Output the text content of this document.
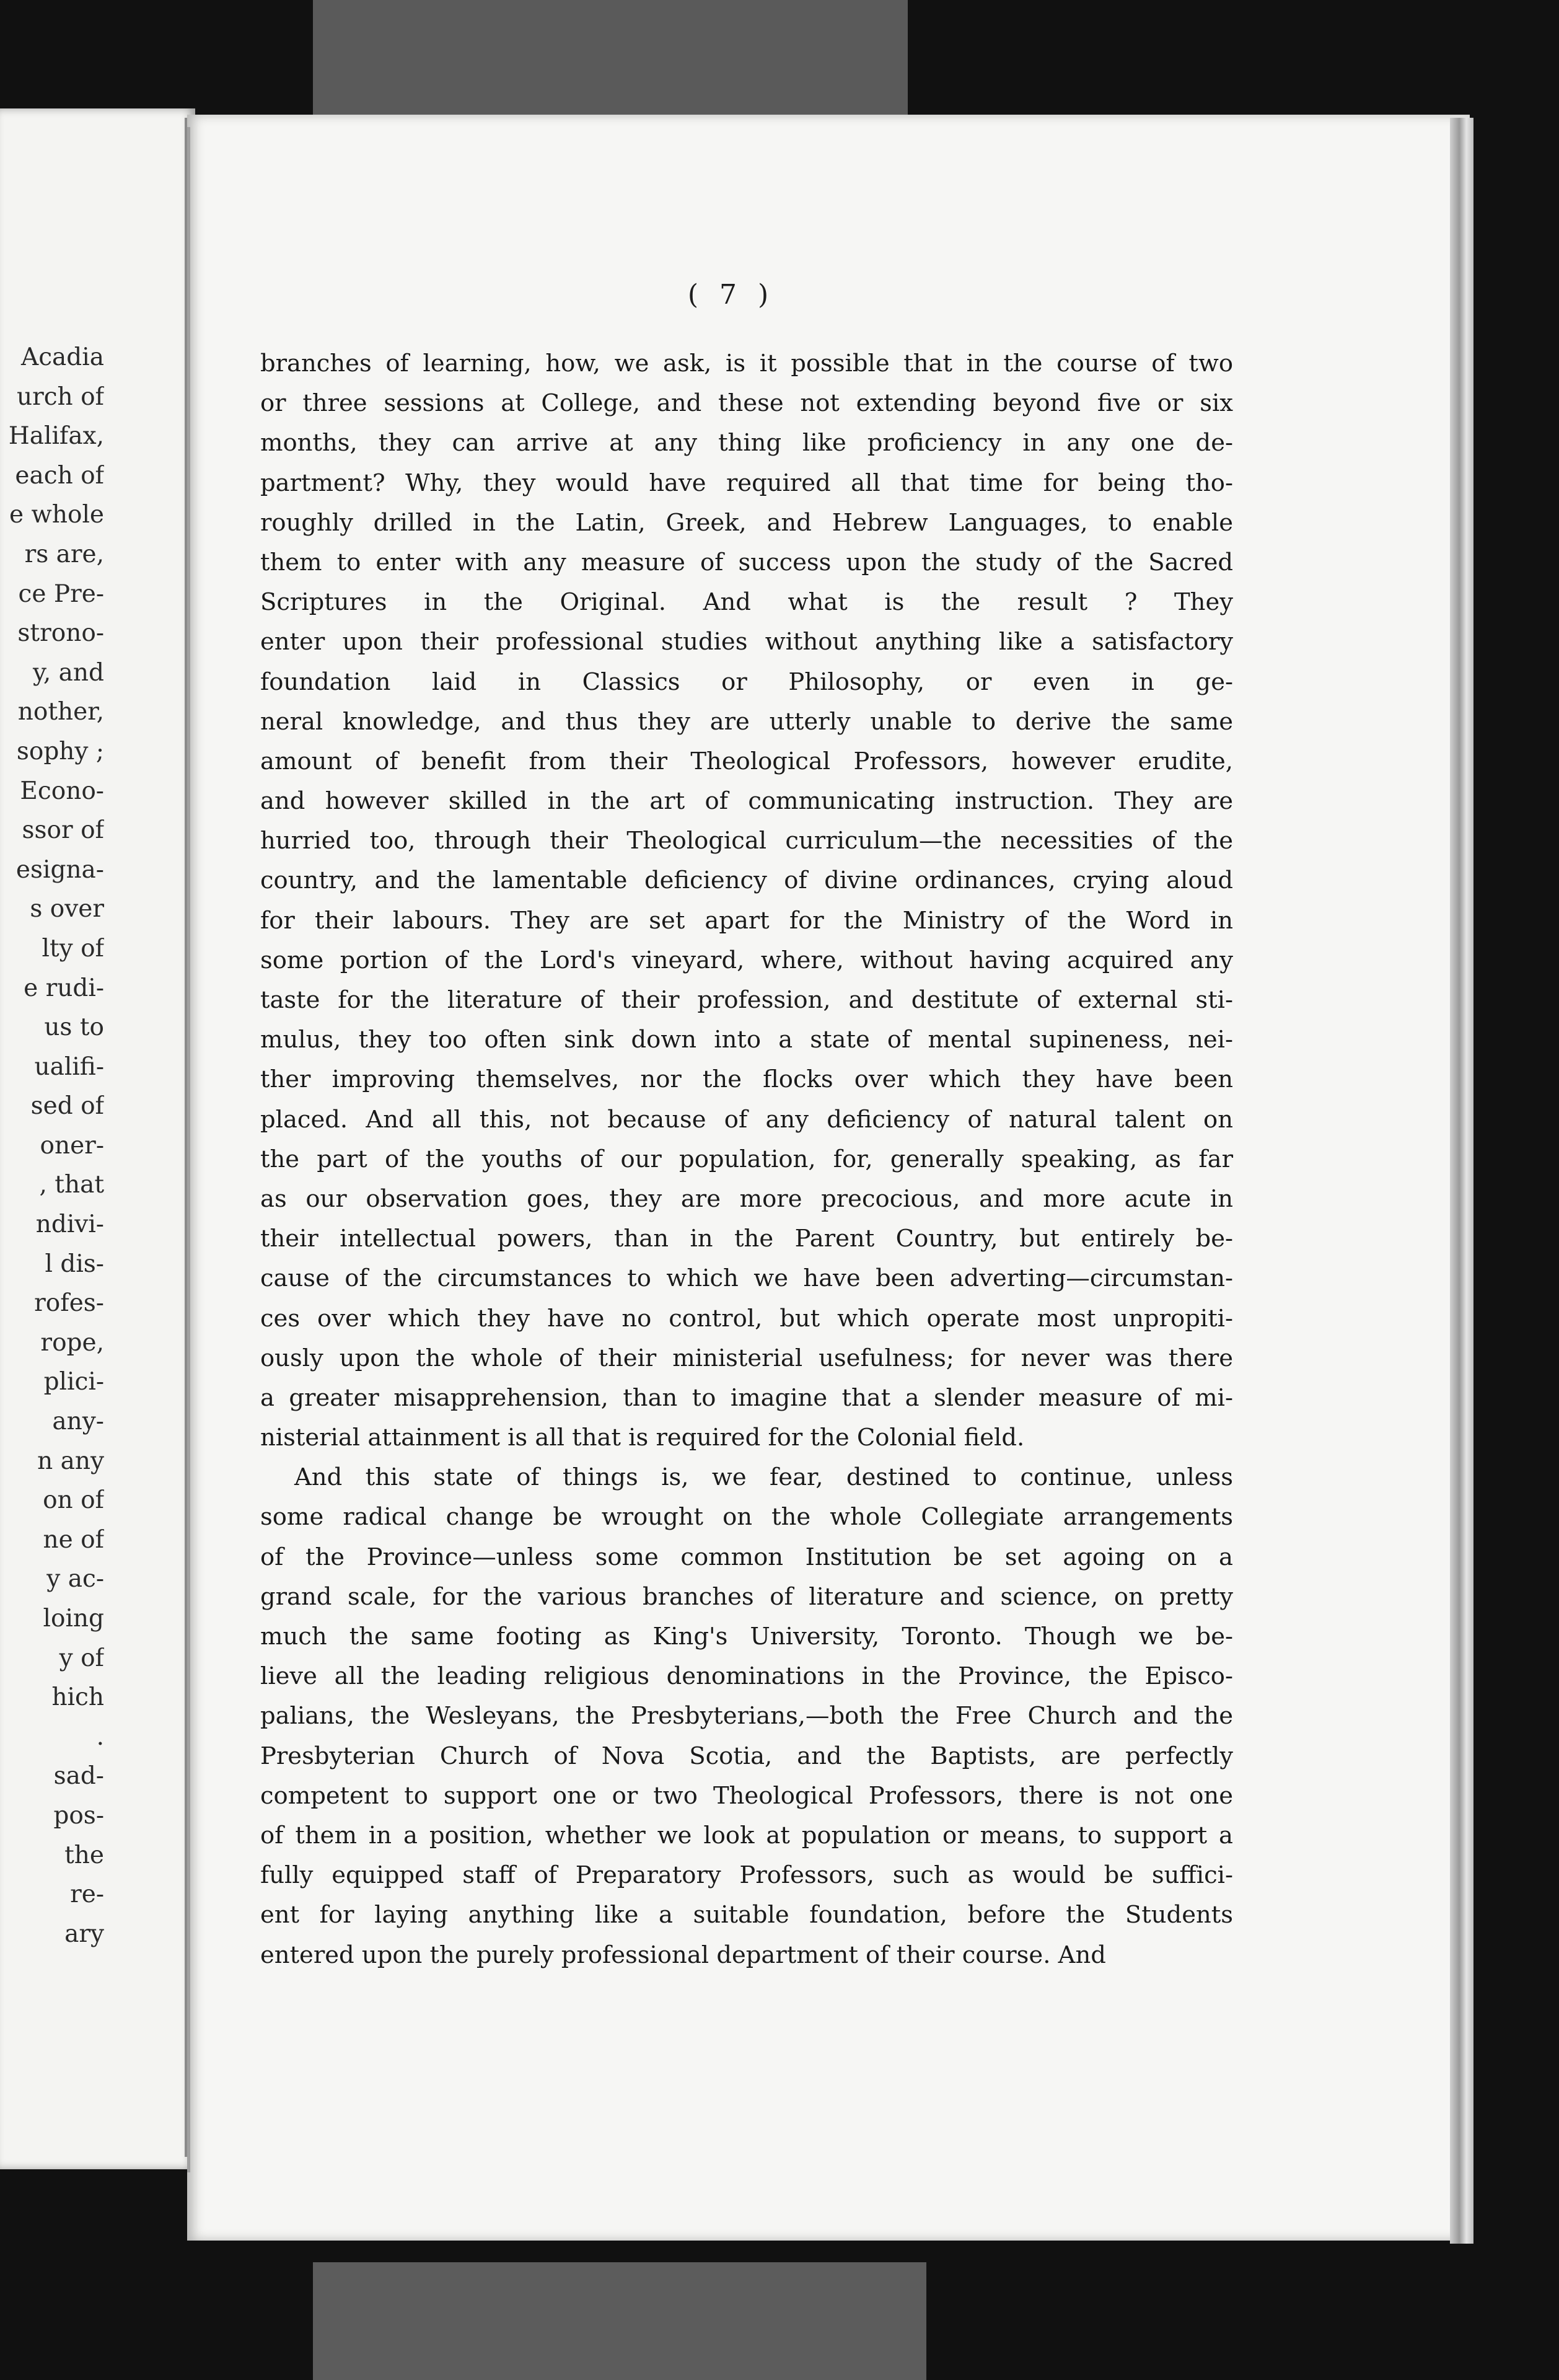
Acadia
urch of
Halifax,
each of
e whole
rs are,
ce Pre-
strono-
y, and
nother,
sophy ;
Econo-
ssor of
esigna-
s over
lty of
e rudi-
us to
ualifi-
sed of
oner-
, that
ndivi-
l dis-
rofes-
rope,
plici-
any-
n any
on of
ne of
y ac-
loing
y of
hich
.
sad-
pos-
the
re-
ary
( 7 )
branches of learning, how, we ask, is it possible that in the course of two
or three sessions at College, and these not extending beyond five or six
months, they can arrive at any thing like proficiency in any one de-
partment? Why, they would have required all that time for being tho-
roughly drilled in the Latin, Greek, and Hebrew Languages, to enable
them to enter with any measure of success upon the study of the Sacred
Scriptures in the Original. And what is the result ? They
enter upon their professional studies without anything like a satisfactory
foundation laid in Classics or Philosophy, or even in ge-
neral knowledge, and thus they are utterly unable to derive the same
amount of benefit from their Theological Professors, however erudite,
and however skilled in the art of communicating instruction. They are
hurried too, through their Theological curriculum—the necessities of the
country, and the lamentable deficiency of divine ordinances, crying aloud
for their labours. They are set apart for the Ministry of the Word in
some portion of the Lord's vineyard, where, without having acquired any
taste for the literature of their profession, and destitute of external sti-
mulus, they too often sink down into a state of mental supineness, nei-
ther improving themselves, nor the flocks over which they have been
placed. And all this, not because of any deficiency of natural talent on
the part of the youths of our population, for, generally speaking, as far
as our observation goes, they are more precocious, and more acute in
their intellectual powers, than in the Parent Country, but entirely be-
cause of the circumstances to which we have been adverting—circumstan-
ces over which they have no control, but which operate most unpropiti-
ously upon the whole of their ministerial usefulness; for never was there
a greater misapprehension, than to imagine that a slender measure of mi-
nisterial attainment is all that is required for the Colonial field.
And this state of things is, we fear, destined to continue, unless
some radical change be wrought on the whole Collegiate arrangements
of the Province—unless some common Institution be set agoing on a
grand scale, for the various branches of literature and science, on pretty
much the same footing as King's University, Toronto. Though we be-
lieve all the leading religious denominations in the Province, the Episco-
palians, the Wesleyans, the Presbyterians,—both the Free Church and the
Presbyterian Church of Nova Scotia, and the Baptists, are perfectly
competent to support one or two Theological Professors, there is not one
of them in a position, whether we look at population or means, to support a
fully equipped staff of Preparatory Professors, such as would be suffici-
ent for laying anything like a suitable foundation, before the Students
entered upon the purely professional department of their course. And
